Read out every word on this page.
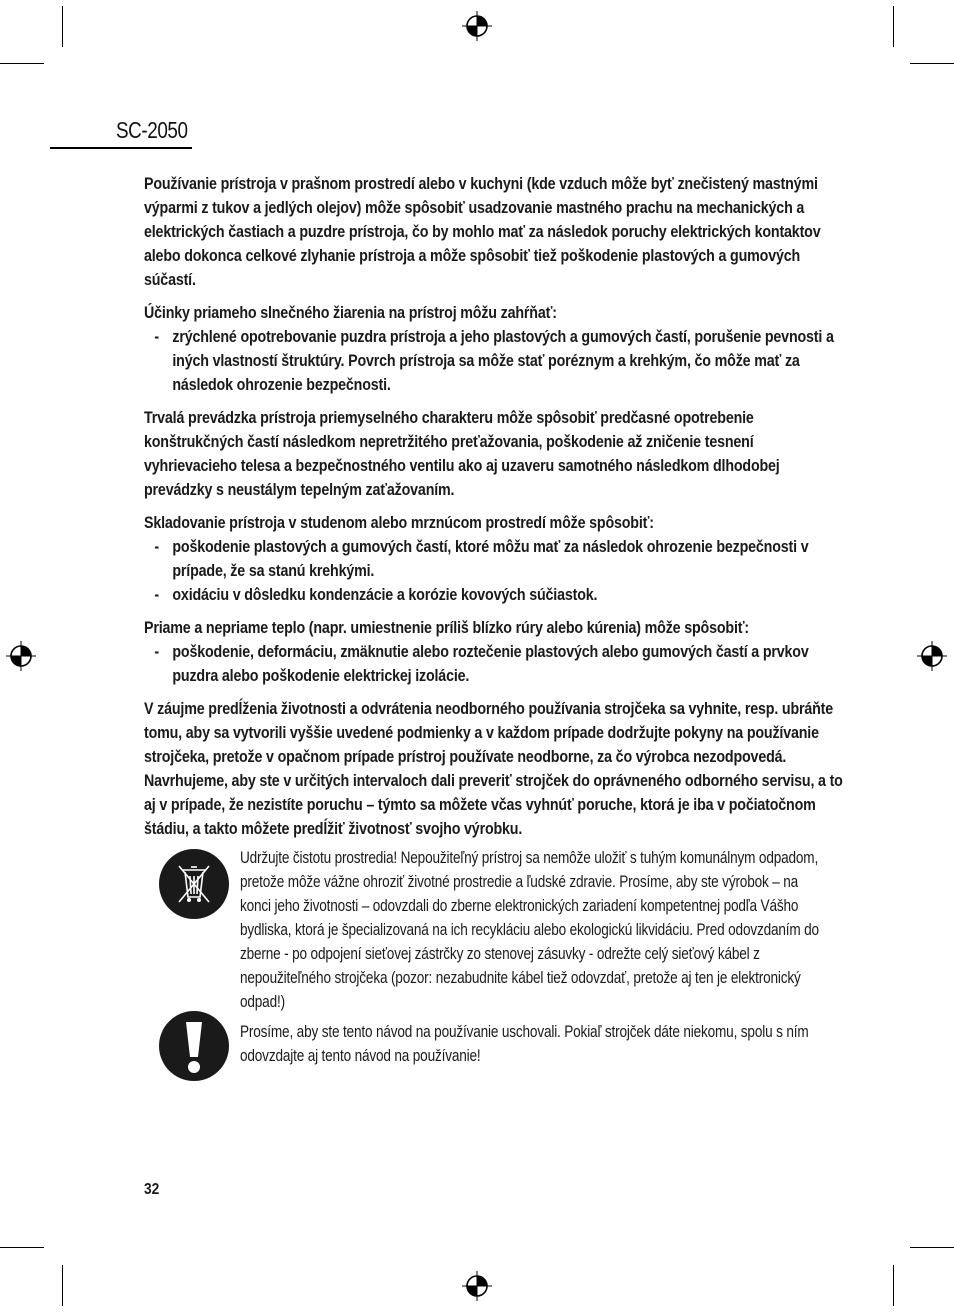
SC-2050
Používanie prístroja v prašnom prostredí alebo v kuchyni (kde vzduch môže byť znečistený mastnými výparmi z tukov a jedlých olejov) môže spôsobiť usadzovanie mastného prachu na mechanických a elektrických častiach a puzdre prístroja, čo by mohlo mať za následok poruchy elektrických kontaktov alebo dokonca celkové zlyhanie prístroja a môže spôsobiť tiež poškodenie plastových a gumových súčastí.
Účinky priameho slnečného žiarenia na prístroj môžu zahŕňať:
- zrýchlené opotrebovanie puzdra prístroja a jeho plastových a gumových častí, porušenie pevnosti a iných vlastností štruktúry. Povrch prístroja sa môže stať poréznym a krehkým, čo môže mať za následok ohrozenie bezpečnosti.
Trvalá prevádzka prístroja priemyselného charakteru môže spôsobiť predčasné opotrebenie konštrukčných častí následkom nepretržitého preťažovania, poškodenie až zničenie tesnení vyhrievacieho telesa a bezpečnostného ventilu ako aj uzaveru samotného následkom dlhodobej prevádzky s neustálym tepelným zaťažovaním.
Skladovanie prístroja v studenom alebo mrznúcom prostredí môže spôsobiť:
- poškodenie plastových a gumových častí, ktoré môžu mať za následok ohrozenie bezpečnosti v prípade, že sa stanú krehkými.
- oxidáciu v dôsledku kondenzácie a korózie kovových súčiastok.
Priame a nepriame teplo (napr. umiestnenie príliš blízko rúry alebo kúrenia) môže spôsobiť:
- poškodenie, deformáciu, zmäknutie alebo roztečenie plastových alebo gumových častí a prvkov puzdra alebo poškodenie elektrickej izolácie.
V záujme predĺženia životnosti a odvrátenia neodborného používania strojčeka sa vyhnite, resp. ubráňte tomu, aby sa vytvorili vyššie uvedené podmienky a v každom prípade dodržujte pokyny na používanie strojčeka, pretože v opačnom prípade prístroj používate neodborne, za čo výrobca nezodpovedá. Navrhujeme, aby ste v určitých intervaloch dali preveriť strojček do oprávneného odborného servisu, a to aj v prípade, že nezistíte poruchu – týmto sa môžete včas vyhnúť poruche, ktorá je iba v počiatočnom štádiu, a takto môžete predĺžiť životnosť svojho výrobku.
Udržujte čistotu prostredia! Nepoužiteľný prístroj sa nemôže uložiť s tuhým komunálnym odpadom, pretože môže vážne ohroziť životné prostredie a ľudské zdravie. Prosíme, aby ste výrobok – na konci jeho životnosti – odovzdali do zberne elektronických zariadení kompetentnej podľa Vášho bydliska, ktorá je špecializovaná na ich recykláciu alebo ekologickú likvidáciu. Pred odovzdaním do zberne - po odpojení sieťovej zástrčky zo stenovej zásuvky - odrežte celý sieťový kábel z nepoužiteľného strojčeka (pozor: nezabudnite kábel tiež odovzdať, pretože aj ten je elektronický odpad!)
Prosíme, aby ste tento návod na používanie uschovali. Pokiaľ strojček dáte niekomu, spolu s ním odovzdajte aj tento návod na používanie!
32
